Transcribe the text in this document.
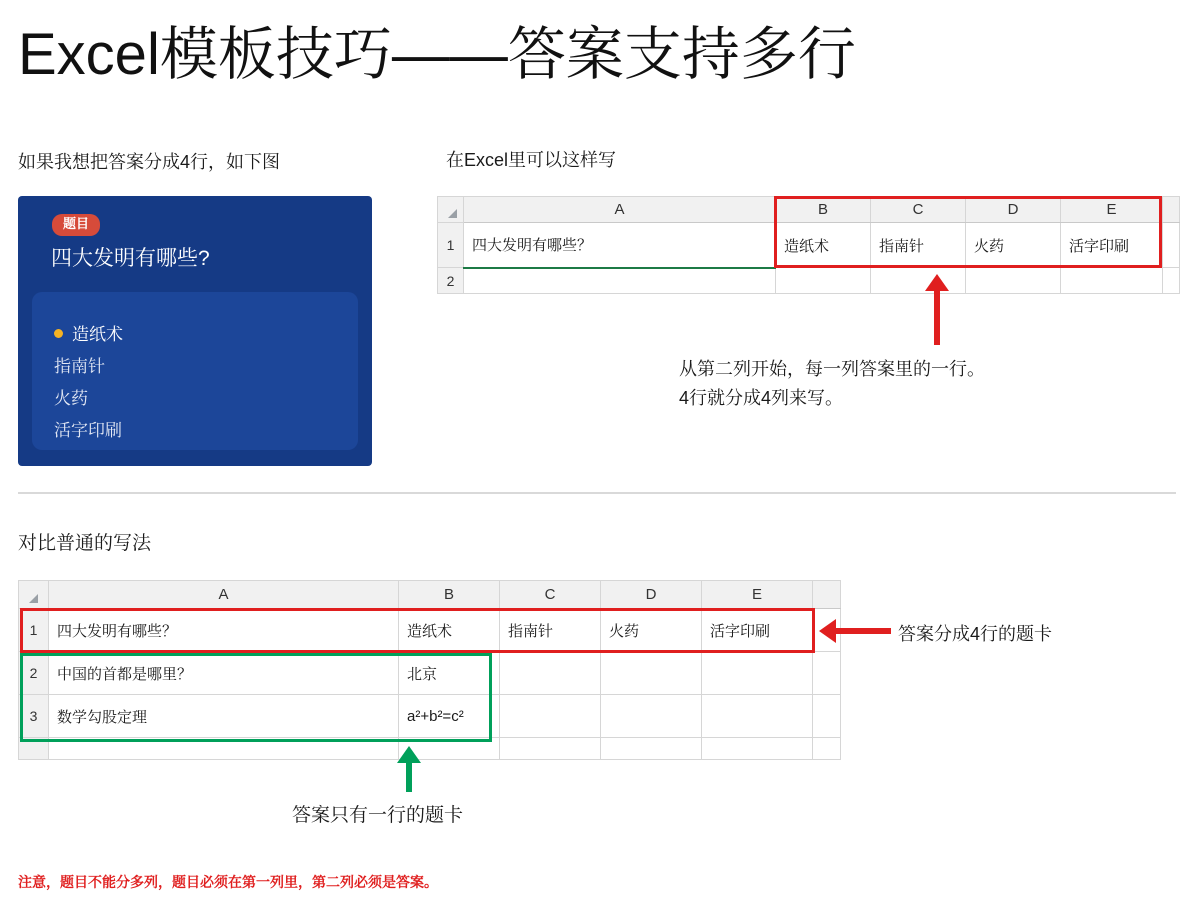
Excel模板技巧——答案支持多行
如果我想把答案分成4行，如下图	在Excel里可以这样写
题目
四大发明有哪些?
造纸术
指南针
火药
活字印刷
	A	B	C	D	E	
1	四大发明有哪些？	造纸术	指南针	火药	活字印刷	
2						
从第二列开始，每一列答案里的一行。
4行就分成4列来写。
对比普通的写法
	A	B	C	D	E	
1	四大发明有哪些？	造纸术	指南针	火药	活字印刷	
2	中国的首都是哪里？	北京				
3	数学勾股定理	a²+b²=c²				

答案分成4行的题卡
答案只有一行的题卡
注意，题目不能分多列，题目必须在第一列里，第二列必须是答案。
